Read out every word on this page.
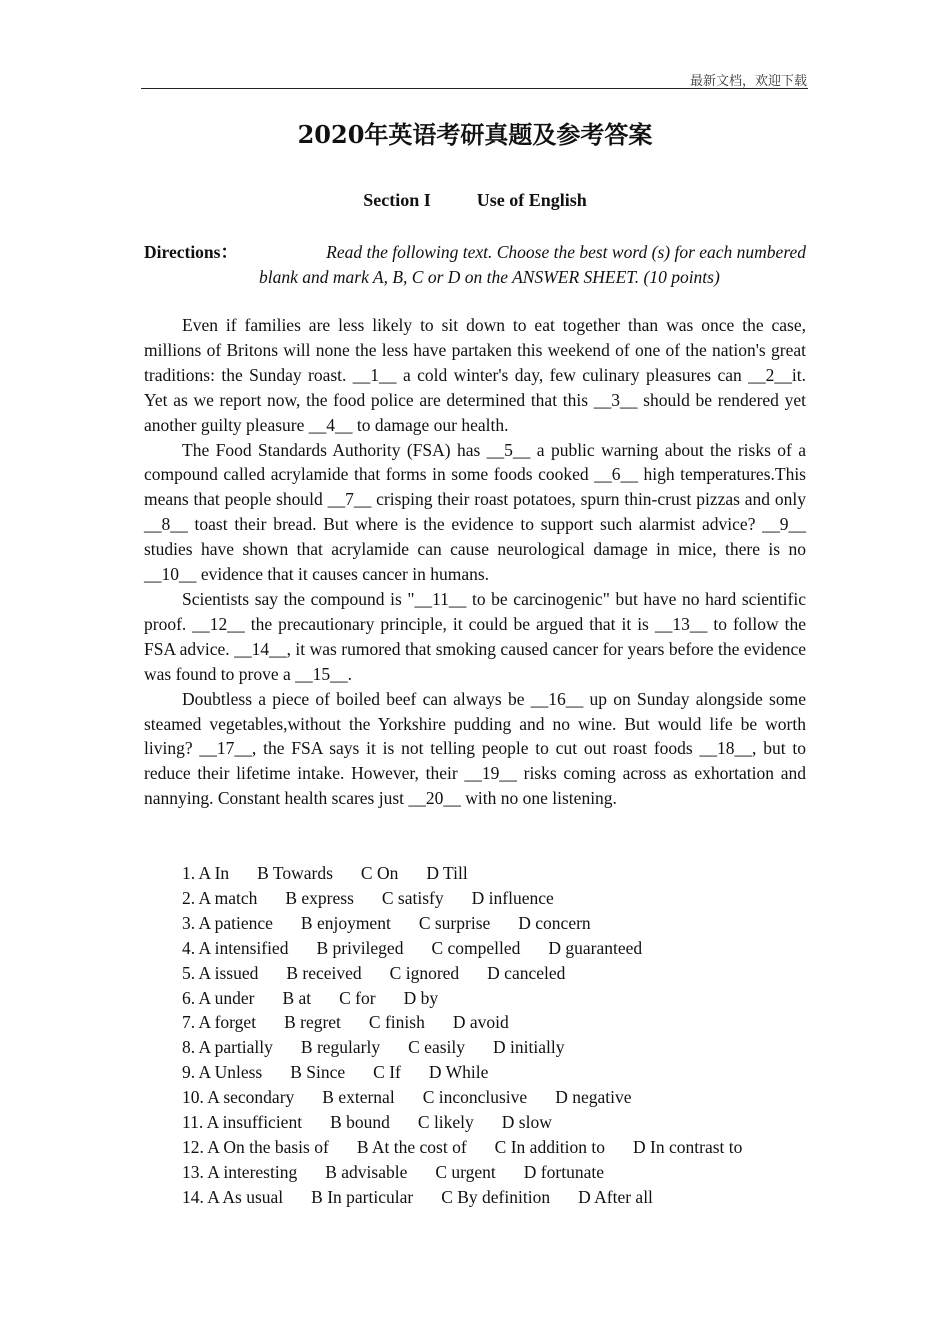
最新文档，欢迎下载
2020年英语考研真题及参考答案
Section I	Use of English
Directions：	Read the following text. Choose the best word (s) for each numbered
blank and mark A, B, C or D on the ANSWER SHEET. (10 points)

Even if families are less likely to sit down to eat together than was once the case, millions of Britons will none the less have partaken this weekend of one of the nation's great traditions: the Sunday roast. __1__ a cold winter's day, few culinary pleasures can __2__it. Yet as we report now, the food police are determined that this __3__ should be rendered yet another guilty pleasure __4__ to damage our health.

The Food Standards Authority (FSA) has __5__ a public warning about the risks of a compound called acrylamide that forms in some foods cooked __6__ high temperatures.This means that people should __7__ crisping their roast potatoes, spurn thin-crust pizzas and only __8__ toast their bread. But where is the evidence to support such alarmist advice? __9__ studies have shown that acrylamide can cause neurological damage in mice, there is no __10__ evidence that it causes cancer in humans.

Scientists say the compound is "__11__ to be carcinogenic" but have no hard scientific proof. __12__ the precautionary principle, it could be argued that it is __13__ to follow the FSA advice. __14__, it was rumored that smoking caused cancer for years before the evidence was found to prove a __15__.

Doubtless a piece of boiled beef can always be __16__ up on Sunday alongside some steamed vegetables,without the Yorkshire pudding and no wine. But would life be worth living? __17__, the FSA says it is not telling people to cut out roast foods __18__, but to reduce their lifetime intake. However, their __19__ risks coming across as exhortation and nannying. Constant health scares just __20__ with no one listening.

1. A In B Towards C On D Till
2. A match B express C satisfy D influence
3. A patience B enjoyment C surprise D concern
4. A intensified B privileged C compelled D guaranteed
5. A issued B received C ignored D canceled
6. A under B at C for D by
7. A forget B regret C finish D avoid
8. A partially B regularly C easily D initially
9. A Unless B Since C If D While
10. A secondary B external C inconclusive D negative
11. A insufficient B bound C likely D slow
12. A On the basis of B At the cost of C In addition to D In contrast to
13. A interesting B advisable C urgent D fortunate
14. A As usual B In particular C By definition D After all
